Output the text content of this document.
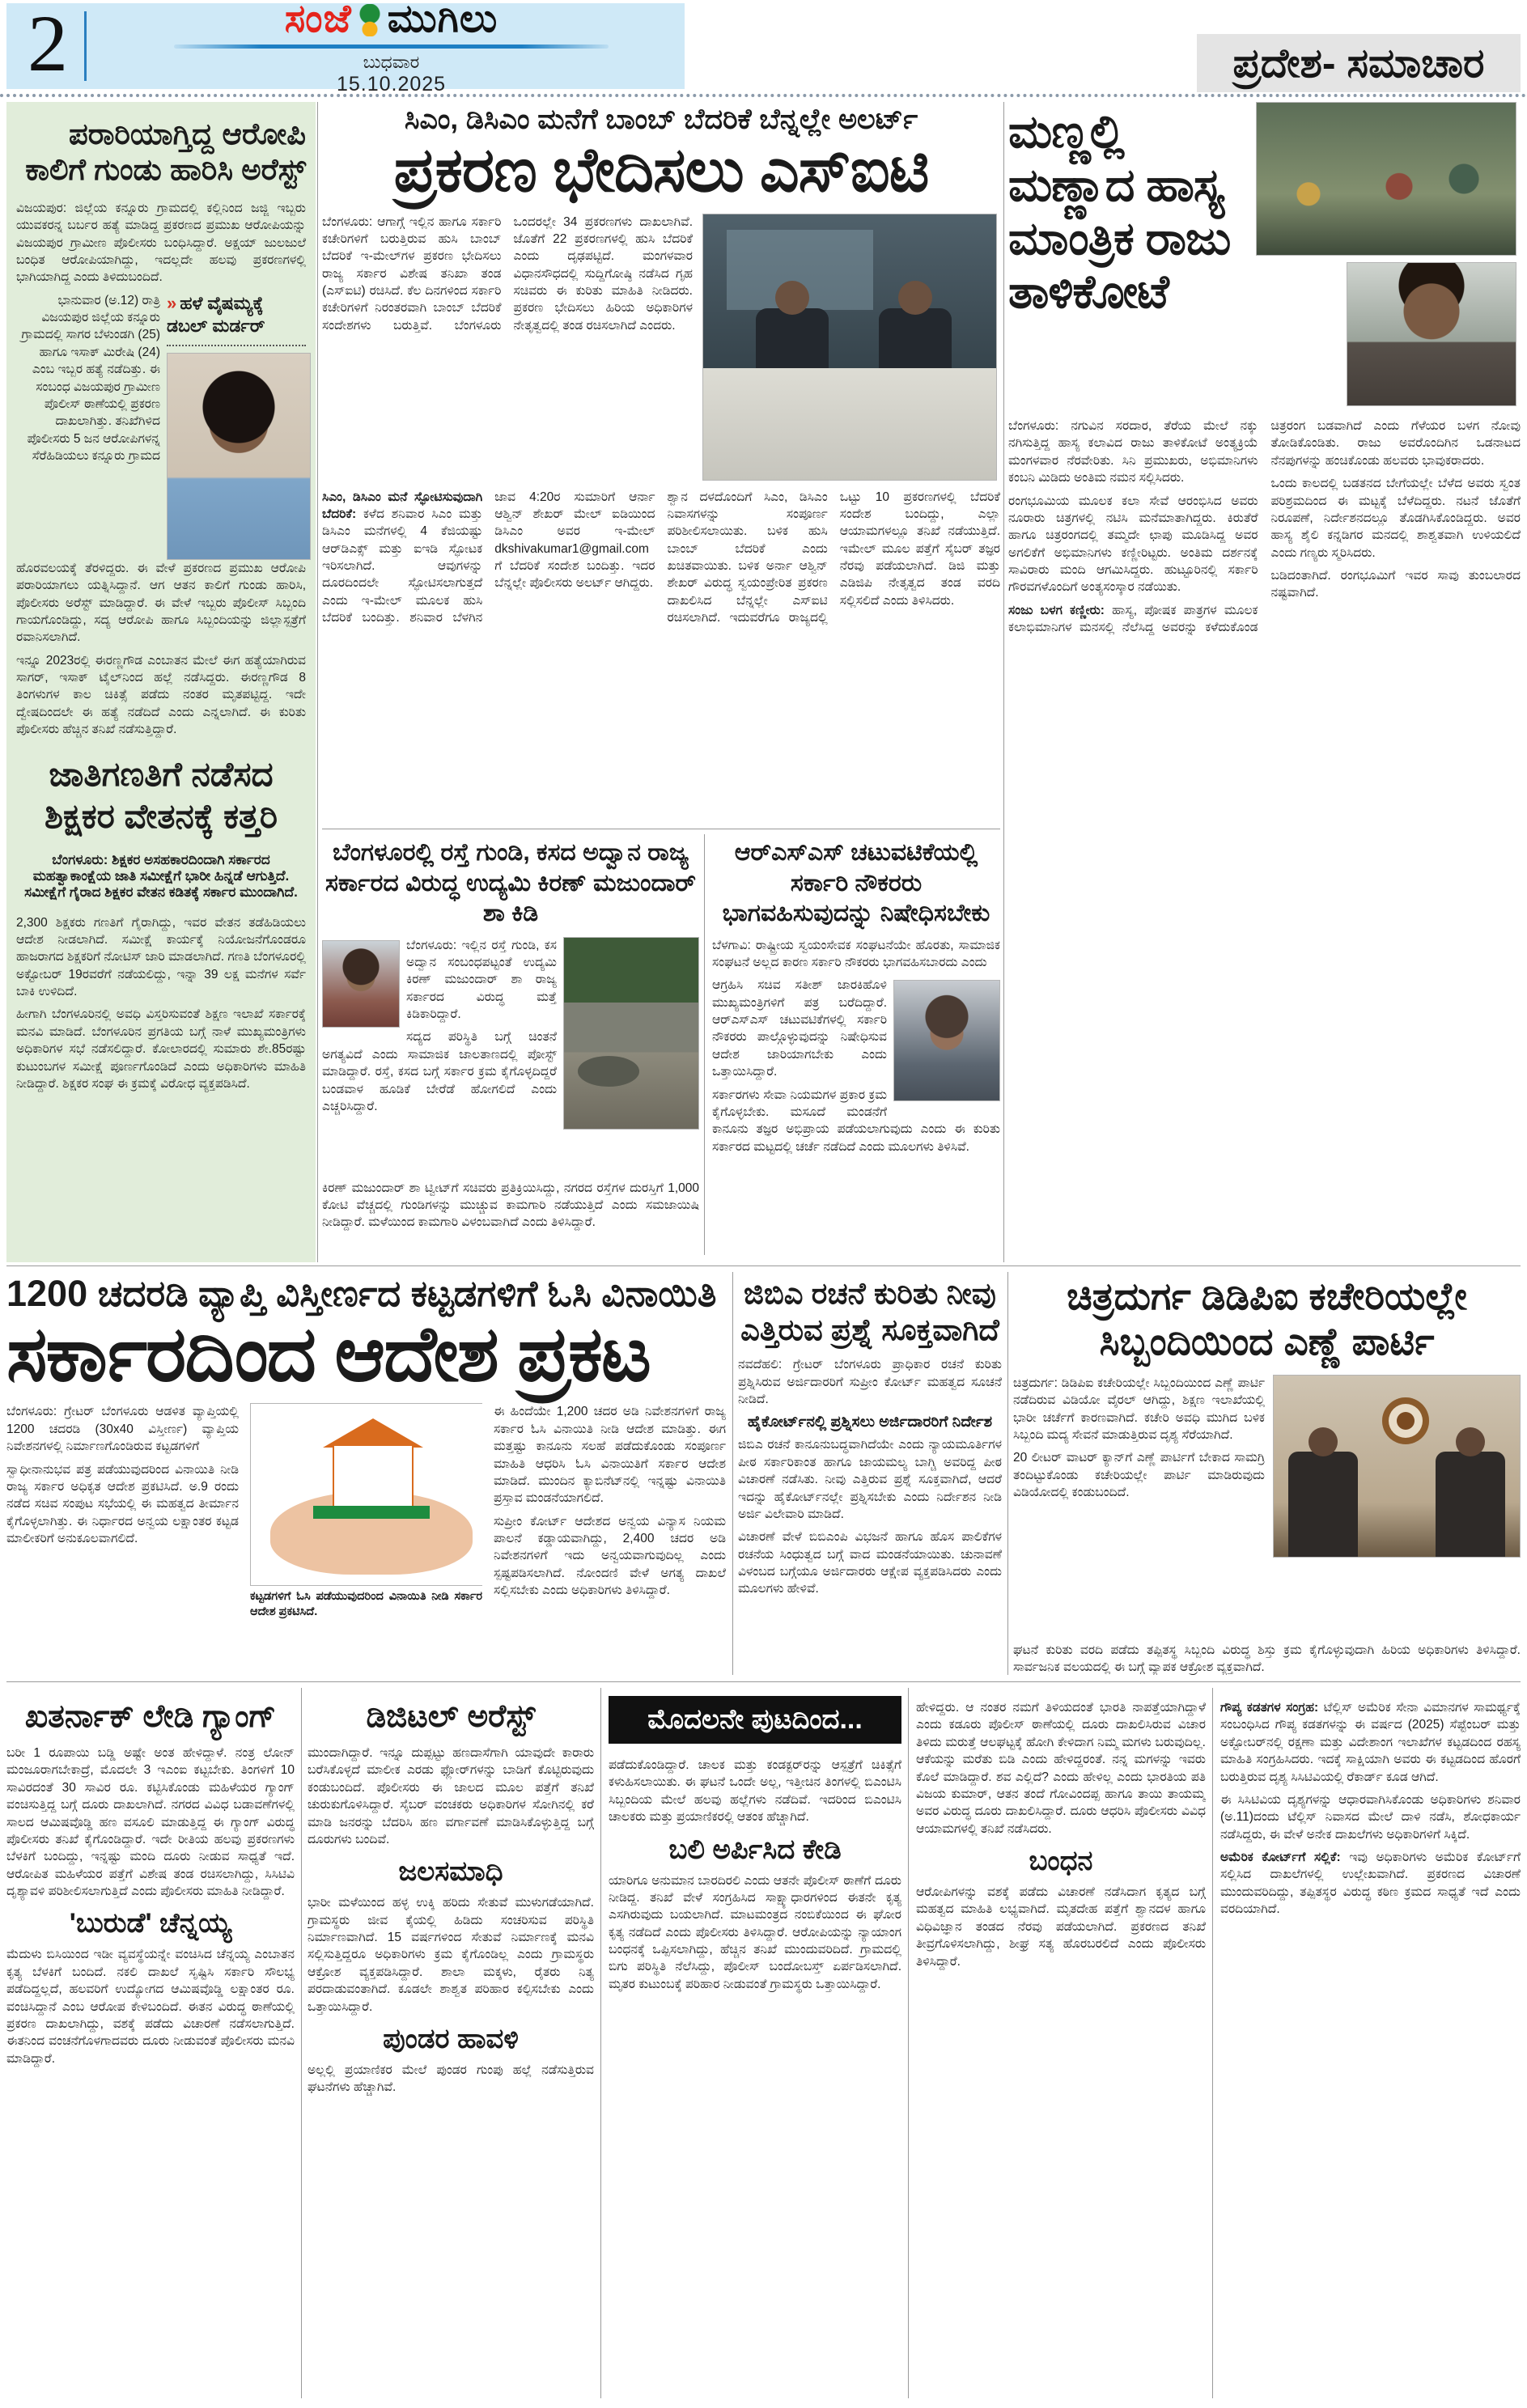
2	ಸಂಜೆ ಮುಗಿಲು
ಬುಧವಾರ
15.10.2025	ಪ್ರದೇಶ- ಸಮಾಚಾರ
ಪರಾರಿಯಾಗ್ತಿದ್ದ ಆರೋಪಿ ಕಾಲಿಗೆ ಗುಂಡು ಹಾರಿಸಿ ಅರೆಸ್ಟ್

ವಿಜಯಪುರ: ಜಿಲ್ಲೆಯ ಕನ್ನೂರು ಗ್ರಾಮದಲ್ಲಿ ಕಲ್ಲಿನಿಂದ ಜಜ್ಜಿ ಇಬ್ಬರು ಯುವಕರನ್ನ ಬರ್ಬರ ಹತ್ಯೆ ಮಾಡಿದ್ದ ಪ್ರಕರಣದ ಪ್ರಮುಖ ಆರೋಪಿಯನ್ನು ವಿಜಯಪುರ ಗ್ರಾಮೀಣ ಪೊಲೀಸರು ಬಂಧಿಸಿದ್ದಾರೆ. ಅಕ್ಷಯ್ ಜುಲಜುಲೆ ಬಂಧಿತ ಆರೋಪಿಯಾಗಿದ್ದು, ಇದಲ್ಲದೇ ಹಲವು ಪ್ರಕರಣಗಳಲ್ಲಿ ಭಾಗಿಯಾಗಿದ್ದ ಎಂದು ತಿಳಿದುಬಂದಿದೆ.

ಭಾನುವಾರ (ಅ.12) ರಾತ್ರಿ ವಿಜಯಪುರ ಜಿಲ್ಲೆಯ ಕನ್ನೂರು ಗ್ರಾಮದಲ್ಲಿ ಸಾಗರ ಬೆಳುಂಡಗಿ (25) ಹಾಗೂ ಇಸಾಕ್ ಮಿರೇಷಿ (24) ಎಂಬ ಇಬ್ಬರ ಹತ್ಯೆ ನಡೆದಿತ್ತು. ಈ ಸಂಬಂಧ ವಿಜಯಪುರ ಗ್ರಾಮೀಣ ಪೊಲೀಸ್ ಠಾಣೆಯಲ್ಲಿ ಪ್ರಕರಣ ದಾಖಲಾಗಿತ್ತು. ತನಿಖೆಗಿಳಿದ ಪೊಲೀಸರು 5 ಜನ ಆರೋಪಿಗಳನ್ನ ಸೆರೆಹಿಡಿಯಲು ಕನ್ನೂರು ಗ್ರಾಮದ

» ಹಳೆ ವೈಷಮ್ಯಕ್ಕೆ ಡಬಲ್ ಮರ್ಡರ್

ಹೊರವಲಯಕ್ಕೆ ತೆರಳಿದ್ದರು. ಈ ವೇಳೆ ಪ್ರಕರಣದ ಪ್ರಮುಖ ಆರೋಪಿ ಪರಾರಿಯಾಗಲು ಯತ್ನಿಸಿದ್ದಾನೆ. ಆಗ ಆತನ ಕಾಲಿಗೆ ಗುಂಡು ಹಾರಿಸಿ, ಪೊಲೀಸರು ಅರೆಸ್ಟ್ ಮಾಡಿದ್ದಾರೆ. ಈ ವೇಳೆ ಇಬ್ಬರು ಪೊಲೀಸ್ ಸಿಬ್ಬಂದಿ ಗಾಯಗೊಂಡಿದ್ದು, ಸದ್ಯ ಆರೋಪಿ ಹಾಗೂ ಸಿಬ್ಬಂದಿಯನ್ನು ಜಿಲ್ಲಾಸ್ಪತ್ರೆಗೆ ರವಾನಿಸಲಾಗಿದೆ.

ಇನ್ನೂ 2023ರಲ್ಲಿ ಈರಣ್ಣಗೌಡ ಎಂಬಾತನ ಮೇಲೆ ಈಗ ಹತ್ಯೆಯಾಗಿರುವ ಸಾಗರ್, ಇಸಾಕ್ ಟೈಲ್‌ನಿಂದ ಹಲ್ಲೆ ನಡೆಸಿದ್ದರು. ಈರಣ್ಣಗೌಡ 8 ತಿಂಗಳುಗಳ ಕಾಲ ಚಿಕಿತ್ಸೆ ಪಡೆದು ನಂತರ ಮೃತಪಟ್ಟಿದ್ದ. ಇದೇ ದ್ವೇಷದಿಂದಲೇ ಈ ಹತ್ಯೆ ನಡೆದಿದೆ ಎಂದು ಎನ್ನಲಾಗಿದೆ. ಈ ಕುರಿತು ಪೊಲೀಸರು ಹೆಚ್ಚಿನ ತನಿಖೆ ನಡೆಸುತ್ತಿದ್ದಾರೆ.

ಜಾತಿಗಣತಿಗೆ ನಡೆಸದ ಶಿಕ್ಷಕರ ವೇತನಕ್ಕೆ ಕತ್ತರಿ

ಬೆಂಗಳೂರು: ಶಿಕ್ಷಕರ ಅಸಹಕಾರದಿಂದಾಗಿ ಸರ್ಕಾರದ ಮಹತ್ವಾಕಾಂಕ್ಷೆಯ ಜಾತಿ ಸಮೀಕ್ಷೆಗೆ ಭಾರೀ ಹಿನ್ನಡೆ ಆಗುತ್ತಿದೆ. ಸಮೀಕ್ಷೆಗೆ ಗೈರಾದ ಶಿಕ್ಷಕರ ವೇತನ ಕಡಿತಕ್ಕೆ ಸರ್ಕಾರ ಮುಂದಾಗಿದೆ.

2,300 ಶಿಕ್ಷಕರು ಗಣತಿಗೆ ಗೈರಾಗಿದ್ದು, ಇವರ ವೇತನ ತಡೆಹಿಡಿಯಲು ಆದೇಶ ನೀಡಲಾಗಿದೆ. ಸಮೀಕ್ಷೆ ಕಾರ್ಯಕ್ಕೆ ನಿಯೋಜನೆಗೊಂಡರೂ ಹಾಜರಾಗದ ಶಿಕ್ಷಕರಿಗೆ ನೋಟಿಸ್ ಜಾರಿ ಮಾಡಲಾಗಿದೆ. ಗಣತಿ ಬೆಂಗಳೂರಲ್ಲಿ ಅಕ್ಟೋಬರ್ 19ರವರೆಗೆ ನಡೆಯಲಿದ್ದು, ಇನ್ನಾ 39 ಲಕ್ಷ ಮನೆಗಳ ಸರ್ವೆ ಬಾಕಿ ಉಳಿದಿದೆ.

ಹೀಗಾಗಿ ಬೆಂಗಳೂರಿನಲ್ಲಿ ಅವಧಿ ವಿಸ್ತರಿಸುವಂತೆ ಶಿಕ್ಷಣ ಇಲಾಖೆ ಸರ್ಕಾರಕ್ಕೆ ಮನವಿ ಮಾಡಿದೆ. ಬೆಂಗಳೂರಿನ ಪ್ರಗತಿಯ ಬಗ್ಗೆ ನಾಳೆ ಮುಖ್ಯಮಂತ್ರಿಗಳು ಅಧಿಕಾರಿಗಳ ಸಭೆ ನಡೆಸಲಿದ್ದಾರೆ. ಕೋಲಾರದಲ್ಲಿ ಸುಮಾರು ಶೇ.85ರಷ್ಟು ಕುಟುಂಬಗಳ ಸಮೀಕ್ಷೆ ಪೂರ್ಣಗೊಂಡಿದೆ ಎಂದು ಅಧಿಕಾರಿಗಳು ಮಾಹಿತಿ ನೀಡಿದ್ದಾರೆ. ಶಿಕ್ಷಕರ ಸಂಘ ಈ ಕ್ರಮಕ್ಕೆ ವಿರೋಧ ವ್ಯಕ್ತಪಡಿಸಿದೆ.

ಸಿಎಂ, ಡಿಸಿಎಂ ಮನೆಗೆ ಬಾಂಬ್ ಬೆದರಿಕೆ ಬೆನ್ನಲ್ಲೇ ಅಲರ್ಟ್
ಪ್ರಕರಣ ಭೇದಿಸಲು ಎಸ್‌ಐಟಿ

ಬೆಂಗಳೂರು: ಆಗಾಗ್ಗೆ ಇಲ್ಲಿನ ಹಾಗೂ ಸರ್ಕಾರಿ ಕಚೇರಿಗಳಿಗೆ ಬರುತ್ತಿರುವ ಹುಸಿ ಬಾಂಬ್ ಬೆದರಿಕೆ ಇ-ಮೇಲ್‌ಗಳ ಪ್ರಕರಣ ಭೇದಿಸಲು ರಾಜ್ಯ ಸರ್ಕಾರ ವಿಶೇಷ ತನಿಖಾ ತಂಡ (ಎಸ್‌ಐಟಿ) ರಚಿಸಿದೆ. ಕೆಲ ದಿನಗಳಿಂದ ಸರ್ಕಾರಿ ಕಚೇರಿಗಳಿಗೆ ನಿರಂತರವಾಗಿ ಬಾಂಬ್ ಬೆದರಿಕೆ ಸಂದೇಶಗಳು ಬರುತ್ತಿವೆ. ಬೆಂಗಳೂರು ಒಂದರಲ್ಲೇ 34 ಪ್ರಕರಣಗಳು ದಾಖಲಾಗಿವೆ. ಜೊತೆಗೆ 22 ಪ್ರಕರಣಗಳಲ್ಲಿ ಹುಸಿ ಬೆದರಿಕೆ ಎಂದು ದೃಢಪಟ್ಟಿದೆ. ಮಂಗಳವಾರ ವಿಧಾನಸೌಧದಲ್ಲಿ ಸುದ್ದಿಗೋಷ್ಠಿ ನಡೆಸಿದ ಗೃಹ ಸಚಿವರು ಈ ಕುರಿತು ಮಾಹಿತಿ ನೀಡಿದರು. ಪ್ರಕರಣ ಭೇದಿಸಲು ಹಿರಿಯ ಅಧಿಕಾರಿಗಳ ನೇತೃತ್ವದಲ್ಲಿ ತಂಡ ರಚಿಸಲಾಗಿದೆ ಎಂದರು.

ಸಿಎಂ, ಡಿಸಿಎಂ ಮನೆ ಸ್ಫೋಟಿಸುವುದಾಗಿ ಬೆದರಿಕೆ: ಕಳೆದ ಶನಿವಾರ ಸಿಎಂ ಮತ್ತು ಡಿಸಿಎಂ ಮನೆಗಳಲ್ಲಿ 4 ಕೆಜಿಯಷ್ಟು ಆರ್‌ಡಿಎಕ್ಸ್ ಮತ್ತು ಐಇಡಿ ಸ್ಫೋಟಕ ಇರಿಸಲಾಗಿದೆ. ಆವುಗಳನ್ನು ದೂರದಿಂದಲೇ ಸ್ಫೋಟಿಸಲಾಗುತ್ತದೆ ಎಂದು ಇ-ಮೇಲ್ ಮೂಲಕ ಹುಸಿ ಬೆದರಿಕೆ ಬಂದಿತ್ತು. ಶನಿವಾರ ಬೆಳಗಿನ ಜಾವ 4:20ರ ಸುಮಾರಿಗೆ ಆರ್ನಾ ಆಶ್ವಿನ್ ಶೇಖರ್ ಮೇಲ್ ಐಡಿಯಿಂದ ಡಿಸಿಎಂ ಅವರ ಇ-ಮೇಲ್ dkshivakumar1@gmail.com ಗೆ ಬೆದರಿಕೆ ಸಂದೇಶ ಬಂದಿತ್ತು. ಇದರ ಬೆನ್ನಲ್ಲೇ ಪೊಲೀಸರು ಅಲರ್ಟ್ ಆಗಿದ್ದರು.

ಶ್ವಾನ ದಳದೊಂದಿಗೆ ಸಿಎಂ, ಡಿಸಿಎಂ ನಿವಾಸಗಳನ್ನು ಸಂಪೂರ್ಣ ಪರಿಶೀಲಿಸಲಾಯಿತು. ಬಳಿಕ ಹುಸಿ ಬಾಂಬ್ ಬೆದರಿಕೆ ಎಂದು ಖಚಿತವಾಯಿತು. ಬಳಿಕ ಅರ್ನಾ ಆಶ್ವಿನ್ ಶೇಖರ್ ವಿರುದ್ಧ ಸ್ವಯಂಪ್ರೇರಿತ ಪ್ರಕರಣ ದಾಖಲಿಸಿದ ಬೆನ್ನಲ್ಲೇ ಎಸ್‌ಐಟಿ ರಚಿಸಲಾಗಿದೆ. ಇದುವರೆಗೂ ರಾಜ್ಯದಲ್ಲಿ ಒಟ್ಟು 10 ಪ್ರಕರಣಗಳಲ್ಲಿ ಬೆದರಿಕೆ ಸಂದೇಶ ಬಂದಿದ್ದು, ಎಲ್ಲಾ ಆಯಾಮಗಳಲ್ಲೂ ತನಿಖೆ ನಡೆಯುತ್ತಿದೆ. ಇಮೇಲ್ ಮೂಲ ಪತ್ತೆಗೆ ಸೈಬರ್ ತಜ್ಞರ ನೆರವು ಪಡೆಯಲಾಗಿದೆ. ಡಿಜಿ ಮತ್ತು ಎಡಿಜಿಪಿ ನೇತೃತ್ವದ ತಂಡ ವರದಿ ಸಲ್ಲಿಸಲಿದೆ ಎಂದು ತಿಳಿಸಿದರು.

ಬೆಂಗಳೂರಲ್ಲಿ ರಸ್ತೆ ಗುಂಡಿ, ಕಸದ ಅದ್ವಾನ ರಾಜ್ಯ ಸರ್ಕಾರದ ವಿರುದ್ಧ ಉದ್ಯಮಿ ಕಿರಣ್ ಮಜುಂದಾರ್ ಶಾ ಕಿಡಿ

ಬೆಂಗಳೂರು: ಇಲ್ಲಿನ ರಸ್ತೆ ಗುಂಡಿ, ಕಸ ಅದ್ವಾನ ಸಂಬಂಧಪಟ್ಟಂತೆ ಉದ್ಯಮಿ ಕಿರಣ್ ಮಜುಂದಾರ್ ಶಾ ರಾಜ್ಯ ಸರ್ಕಾರದ ವಿರುದ್ಧ ಮತ್ತೆ ಕಿಡಿಕಾರಿದ್ದಾರೆ.

ಸದ್ಯದ ಪರಿಸ್ಥಿತಿ ಬಗ್ಗೆ ಚಿಂತನೆ ಅಗತ್ಯವಿದೆ ಎಂದು ಸಾಮಾಜಿಕ ಜಾಲತಾಣದಲ್ಲಿ ಪೋಸ್ಟ್ ಮಾಡಿದ್ದಾರೆ. ರಸ್ತೆ, ಕಸದ ಬಗ್ಗೆ ಸರ್ಕಾರ ಕ್ರಮ ಕೈಗೊಳ್ಳದಿದ್ದರೆ ಬಂಡವಾಳ ಹೂಡಿಕೆ ಬೇರೆಡೆ ಹೋಗಲಿದೆ ಎಂದು ಎಚ್ಚರಿಸಿದ್ದಾರೆ.

ಕಿರಣ್ ಮಜುಂದಾರ್ ಶಾ ಟ್ವೀಟ್‌ಗೆ ಸಚಿವರು ಪ್ರತಿಕ್ರಿಯಿಸಿದ್ದು, ನಗರದ ರಸ್ತೆಗಳ ದುರಸ್ತಿಗೆ 1,000 ಕೋಟಿ ವೆಚ್ಚದಲ್ಲಿ ಗುಂಡಿಗಳನ್ನು ಮುಚ್ಚುವ ಕಾಮಗಾರಿ ನಡೆಯುತ್ತಿದೆ ಎಂದು ಸಮಜಾಯಿಷಿ ನೀಡಿದ್ದಾರೆ. ಮಳೆಯಿಂದ ಕಾಮಗಾರಿ ವಿಳಂಬವಾಗಿದೆ ಎಂದು ತಿಳಿಸಿದ್ದಾರೆ.

ಆರ್‌ಎಸ್‌ಎಸ್ ಚಟುವಟಿಕೆಯಲ್ಲಿ ಸರ್ಕಾರಿ ನೌಕರರು ಭಾಗವಹಿಸುವುದನ್ನು ನಿಷೇಧಿಸಬೇಕು

ಬೆಳಗಾವಿ: ರಾಷ್ಟ್ರೀಯ ಸ್ವಯಂಸೇವಕ ಸಂಘಟನೆಯೇ ಹೊರತು, ಸಾಮಾಜಿಕ ಸಂಘಟನೆ ಅಲ್ಲದ ಕಾರಣ ಸರ್ಕಾರಿ ನೌಕರರು ಭಾಗವಹಿಸಬಾರದು ಎಂದು

ಆಗ್ರಹಿಸಿ ಸಚಿವ ಸತೀಶ್ ಜಾರಕಿಹೊಳಿ ಮುಖ್ಯಮಂತ್ರಿಗಳಿಗೆ ಪತ್ರ ಬರೆದಿದ್ದಾರೆ. ಆರ್‌ಎಸ್‌ಎಸ್ ಚಟುವಟಿಕೆಗಳಲ್ಲಿ ಸರ್ಕಾರಿ ನೌಕರರು ಪಾಲ್ಗೊಳ್ಳುವುದನ್ನು ನಿಷೇಧಿಸುವ ಆದೇಶ ಜಾರಿಯಾಗಬೇಕು ಎಂದು ಒತ್ತಾಯಿಸಿದ್ದಾರೆ.

ಸರ್ಕಾರಗಳು ಸೇವಾ ನಿಯಮಗಳ ಪ್ರಕಾರ ಕ್ರಮ ಕೈಗೊಳ್ಳಬೇಕು. ಮಸೂದೆ ಮಂಡನೆಗೆ ಕಾನೂನು ತಜ್ಞರ ಅಭಿಪ್ರಾಯ ಪಡೆಯಲಾಗುವುದು ಎಂದು ಈ ಕುರಿತು ಸರ್ಕಾರದ ಮಟ್ಟದಲ್ಲಿ ಚರ್ಚೆ ನಡೆದಿದೆ ಎಂದು ಮೂಲಗಳು ತಿಳಿಸಿವೆ.

ಮಣ್ಣಲ್ಲಿ ಮಣ್ಣಾದ ಹಾಸ್ಯ ಮಾಂತ್ರಿಕ ರಾಜು ತಾಳಿಕೋಟೆ

ಬೆಂಗಳೂರು: ನಗುವಿನ ಸರದಾರ, ತೆರೆಯ ಮೇಲೆ ನಕ್ಕು ನಗಿಸುತ್ತಿದ್ದ ಹಾಸ್ಯ ಕಲಾವಿದ ರಾಜು ತಾಳಿಕೋಟೆ ಅಂತ್ಯಕ್ರಿಯೆ ಮಂಗಳವಾರ ನೆರವೇರಿತು. ಸಿನಿ ಪ್ರಮುಖರು, ಅಭಿಮಾನಿಗಳು ಕಂಬನಿ ಮಿಡಿದು ಅಂತಿಮ ನಮನ ಸಲ್ಲಿಸಿದರು.

ರಂಗಭೂಮಿಯ ಮೂಲಕ ಕಲಾ ಸೇವೆ ಆರಂಭಿಸಿದ ಅವರು ನೂರಾರು ಚಿತ್ರಗಳಲ್ಲಿ ನಟಿಸಿ ಮನೆಮಾತಾಗಿದ್ದರು. ಕಿರುತೆರೆ ಹಾಗೂ ಚಿತ್ರರಂಗದಲ್ಲಿ ತಮ್ಮದೇ ಛಾಪು ಮೂಡಿಸಿದ್ದ ಅವರ ಅಗಲಿಕೆಗೆ ಅಭಿಮಾನಿಗಳು ಕಣ್ಣೀರಿಟ್ಟರು. ಅಂತಿಮ ದರ್ಶನಕ್ಕೆ ಸಾವಿರಾರು ಮಂದಿ ಆಗಮಿಸಿದ್ದರು. ಹುಟ್ಟೂರಿನಲ್ಲಿ ಸರ್ಕಾರಿ ಗೌರವಗಳೊಂದಿಗೆ ಅಂತ್ಯಸಂಸ್ಕಾರ ನಡೆಯಿತು.

ಸಂಜು ಬಳಗ ಕಣ್ಣೀರು: ಹಾಸ್ಯ, ಪೋಷಕ ಪಾತ್ರಗಳ ಮೂಲಕ ಕಲಾಭಿಮಾನಿಗಳ ಮನಸಲ್ಲಿ ನೆಲೆಸಿದ್ದ ಅವರನ್ನು ಕಳೆದುಕೊಂಡ ಚಿತ್ರರಂಗ ಬಡವಾಗಿದೆ ಎಂದು ಗೆಳೆಯರ ಬಳಗ ನೋವು ತೋಡಿಕೊಂಡಿತು. ರಾಜು ಅವರೊಂದಿಗಿನ ಒಡನಾಟದ ನೆನಪುಗಳನ್ನು ಹಂಚಿಕೊಂಡು ಹಲವರು ಭಾವುಕರಾದರು.

ಒಂದು ಕಾಲದಲ್ಲಿ ಬಡತನದ ಬೇಗೆಯಲ್ಲೇ ಬೆಳೆದ ಅವರು ಸ್ವಂತ ಪರಿಶ್ರಮದಿಂದ ಈ ಮಟ್ಟಕ್ಕೆ ಬೆಳೆದಿದ್ದರು. ನಟನೆ ಜೊತೆಗೆ ನಿರೂಪಣೆ, ನಿರ್ದೇಶನದಲ್ಲೂ ತೊಡಗಿಸಿಕೊಂಡಿದ್ದರು. ಅವರ ಹಾಸ್ಯ ಶೈಲಿ ಕನ್ನಡಿಗರ ಮನದಲ್ಲಿ ಶಾಶ್ವತವಾಗಿ ಉಳಿಯಲಿದೆ ಎಂದು ಗಣ್ಯರು ಸ್ಮರಿಸಿದರು.

ಬಡಿದಂತಾಗಿದೆ. ರಂಗಭೂಮಿಗೆ ಇವರ ಸಾವು ತುಂಬಲಾರದ ನಷ್ಟವಾಗಿದೆ.

1200 ಚದರಡಿ ವ್ಯಾಪ್ತಿ ವಿಸ್ತೀರ್ಣದ ಕಟ್ಟಡಗಳಿಗೆ ಓಸಿ ವಿನಾಯಿತಿ
ಸರ್ಕಾರದಿಂದ ಆದೇಶ ಪ್ರಕಟ

ಬೆಂಗಳೂರು: ಗ್ರೇಟರ್ ಬೆಂಗಳೂರು ಆಡಳಿತ ವ್ಯಾಪ್ತಿಯಲ್ಲಿ 1200 ಚದರಡಿ (30x40 ವಿಸ್ತೀರ್ಣ) ವ್ಯಾಪ್ತಿಯ ನಿವೇಶನಗಳಲ್ಲಿ ನಿರ್ಮಾಣಗೊಂಡಿರುವ ಕಟ್ಟಡಗಳಿಗೆ

ಸ್ವಾಧೀನಾನುಭವ ಪತ್ರ ಪಡೆಯುವುದರಿಂದ ವಿನಾಯಿತಿ ನೀಡಿ ರಾಜ್ಯ ಸರ್ಕಾರ ಅಧಿಕೃತ ಆದೇಶ ಪ್ರಕಟಿಸಿದೆ. ಅ.9 ರಂದು ನಡೆದ ಸಚಿವ ಸಂಪುಟ ಸಭೆಯಲ್ಲಿ ಈ ಮಹತ್ವದ ತೀರ್ಮಾನ ಕೈಗೊಳ್ಳಲಾಗಿತ್ತು. ಈ ನಿರ್ಧಾರದ ಅನ್ವಯ ಲಕ್ಷಾಂತರ ಕಟ್ಟಡ ಮಾಲೀಕರಿಗೆ ಅನುಕೂಲವಾಗಲಿದೆ.

ಕಟ್ಟಡಗಳಿಗೆ ಓಸಿ ಪಡೆಯುವುದರಿಂದ ವಿನಾಯಿತಿ ನೀಡಿ ಸರ್ಕಾರ ಆದೇಶ ಪ್ರಕಟಿಸಿದೆ.

ಈ ಹಿಂದೆಯೇ 1,200 ಚದರ ಅಡಿ ನಿವೇಶನಗಳಿಗೆ ರಾಜ್ಯ ಸರ್ಕಾರ ಓಸಿ ವಿನಾಯಿತಿ ನೀಡಿ ಆದೇಶ ಮಾಡಿತ್ತು. ಈಗ ಮತ್ತಷ್ಟು ಕಾನೂನು ಸಲಹೆ ಪಡೆದುಕೊಂಡು ಸಂಪೂರ್ಣ ಮಾಹಿತಿ ಆಧರಿಸಿ ಓಸಿ ವಿನಾಯಿತಿಗೆ ಸರ್ಕಾರ ಆದೇಶ ಮಾಡಿದೆ. ಮುಂದಿನ ಕ್ಯಾಬಿನೆಟ್‌ನಲ್ಲಿ ಇನ್ನಷ್ಟು ವಿನಾಯಿತಿ ಪ್ರಸ್ತಾವ ಮಂಡನೆಯಾಗಲಿದೆ.

ಸುಪ್ರೀಂ ಕೋರ್ಟ್ ಆದೇಶದ ಅನ್ವಯ ವಿನ್ಯಾಸ ನಿಯಮ ಪಾಲನೆ ಕಡ್ಡಾಯವಾಗಿದ್ದು, 2,400 ಚದರ ಅಡಿ ನಿವೇಶನಗಳಿಗೆ ಇದು ಅನ್ವಯವಾಗುವುದಿಲ್ಲ ಎಂದು ಸ್ಪಷ್ಟಪಡಿಸಲಾಗಿದೆ. ನೋಂದಣಿ ವೇಳೆ ಅಗತ್ಯ ದಾಖಲೆ ಸಲ್ಲಿಸಬೇಕು ಎಂದು ಅಧಿಕಾರಿಗಳು ತಿಳಿಸಿದ್ದಾರೆ.

ಜಿಬಿಎ ರಚನೆ ಕುರಿತು ನೀವು ಎತ್ತಿರುವ ಪ್ರಶ್ನೆ ಸೂಕ್ತವಾಗಿದೆ

ನವದೆಹಲಿ: ಗ್ರೇಟರ್ ಬೆಂಗಳೂರು ಪ್ರಾಧಿಕಾರ ರಚನೆ ಕುರಿತು ಪ್ರಶ್ನಿಸಿರುವ ಅರ್ಜಿದಾರರಿಗೆ ಸುಪ್ರೀಂ ಕೋರ್ಟ್ ಮಹತ್ವದ ಸೂಚನೆ ನೀಡಿದೆ.

ಹೈಕೋರ್ಟ್‌ನಲ್ಲಿ ಪ್ರಶ್ನಿಸಲು ಅರ್ಜಿದಾರರಿಗೆ ನಿರ್ದೇಶ

ಜಿಬಿಎ ರಚನೆ ಕಾನೂನುಬದ್ಧವಾಗಿದೆಯೇ ಎಂದು ನ್ಯಾಯಮೂರ್ತಿಗಳ ಪೀಠ ಸರ್ಕಾರಿಕಾಂತ ಹಾಗೂ ಜಾಯಮಲ್ಯ ಬಾಗ್ಚಿ ಅವರಿದ್ದ ಪೀಠ ವಿಚಾರಣೆ ನಡೆಸಿತು. ನೀವು ಎತ್ತಿರುವ ಪ್ರಶ್ನೆ ಸೂಕ್ತವಾಗಿದೆ, ಆದರೆ ಇದನ್ನು ಹೈಕೋರ್ಟ್‌ನಲ್ಲೇ ಪ್ರಶ್ನಿಸಬೇಕು ಎಂದು ನಿರ್ದೇಶನ ನೀಡಿ ಅರ್ಜಿ ವಿಲೇವಾರಿ ಮಾಡಿದೆ.

ವಿಚಾರಣೆ ವೇಳೆ ಬಿಬಿಎಂಪಿ ವಿಭಜನೆ ಹಾಗೂ ಹೊಸ ಪಾಲಿಕೆಗಳ ರಚನೆಯ ಸಿಂಧುತ್ವದ ಬಗ್ಗೆ ವಾದ ಮಂಡನೆಯಾಯಿತು. ಚುನಾವಣೆ ವಿಳಂಬದ ಬಗ್ಗೆಯೂ ಅರ್ಜಿದಾರರು ಆಕ್ಷೇಪ ವ್ಯಕ್ತಪಡಿಸಿದರು ಎಂದು ಮೂಲಗಳು ಹೇಳಿವೆ.

ಚಿತ್ರದುರ್ಗ ಡಿಡಿಪಿಐ ಕಚೇರಿಯಲ್ಲೇ ಸಿಬ್ಬಂದಿಯಿಂದ ಎಣ್ಣೆ ಪಾರ್ಟಿ

ಚಿತ್ರದುರ್ಗ: ಡಿಡಿಪಿಐ ಕಚೇರಿಯಲ್ಲೇ ಸಿಬ್ಬಂದಿಯಿಂದ ಎಣ್ಣೆ ಪಾರ್ಟಿ ನಡೆದಿರುವ ವಿಡಿಯೋ ವೈರಲ್ ಆಗಿದ್ದು, ಶಿಕ್ಷಣ ಇಲಾಖೆಯಲ್ಲಿ ಭಾರೀ ಚರ್ಚೆಗೆ ಕಾರಣವಾಗಿದೆ. ಕಚೇರಿ ಅವಧಿ ಮುಗಿದ ಬಳಿಕ ಸಿಬ್ಬಂದಿ ಮದ್ಯ ಸೇವನೆ ಮಾಡುತ್ತಿರುವ ದೃಶ್ಯ ಸೆರೆಯಾಗಿದೆ.

20 ಲೀಟರ್ ವಾಟರ್ ಕ್ಯಾನ್‌ಗೆ ಎಣ್ಣೆ ಪಾರ್ಟಿಗೆ ಬೇಕಾದ ಸಾಮಗ್ರಿ ತಂದಿಟ್ಟುಕೊಂಡು ಕಚೇರಿಯಲ್ಲೇ ಪಾರ್ಟಿ ಮಾಡಿರುವುದು ವಿಡಿಯೋದಲ್ಲಿ ಕಂಡುಬಂದಿದೆ.

ಘಟನೆ ಕುರಿತು ವರದಿ ಪಡೆದು ತಪ್ಪಿತಸ್ಥ ಸಿಬ್ಬಂದಿ ವಿರುದ್ಧ ಶಿಸ್ತು ಕ್ರಮ ಕೈಗೊಳ್ಳುವುದಾಗಿ ಹಿರಿಯ ಅಧಿಕಾರಿಗಳು ತಿಳಿಸಿದ್ದಾರೆ. ಸಾರ್ವಜನಿಕ ವಲಯದಲ್ಲಿ ಈ ಬಗ್ಗೆ ವ್ಯಾಪಕ ಆಕ್ರೋಶ ವ್ಯಕ್ತವಾಗಿದೆ.

ಖತರ್ನಾಕ್ ಲೇಡಿ ಗ್ಯಾಂಗ್

ಬರೀ 1 ರೂಪಾಯಿ ಬಡ್ಡಿ ಅಷ್ಟೇ ಅಂತ ಹೇಳಿದ್ದಾಳೆ. ನಂತ್ರ ಲೋನ್ ಮಂಜೂರಾಗಬೇಕಾದ್ರೆ, ಮೊದಲೇ 3 ಇಎಂಐ ಕಟ್ಟಬೇಕು. ತಿಂಗಳಿಗೆ 10 ಸಾವಿರದಂತೆ 30 ಸಾವಿರ ರೂ. ಕಟ್ಟಿಸಿಕೊಂಡು ಮಹಿಳೆಯರ ಗ್ಯಾಂಗ್ ವಂಚಿಸುತ್ತಿದ್ದ ಬಗ್ಗೆ ದೂರು ದಾಖಲಾಗಿದೆ. ನಗರದ ವಿವಿಧ ಬಡಾವಣೆಗಳಲ್ಲಿ ಸಾಲದ ಆಮಿಷವೊಡ್ಡಿ ಹಣ ವಸೂಲಿ ಮಾಡುತ್ತಿದ್ದ ಈ ಗ್ಯಾಂಗ್ ವಿರುದ್ಧ ಪೊಲೀಸರು ತನಿಖೆ ಕೈಗೊಂಡಿದ್ದಾರೆ. ಇದೇ ರೀತಿಯ ಹಲವು ಪ್ರಕರಣಗಳು ಬೆಳಕಿಗೆ ಬಂದಿದ್ದು, ಇನ್ನಷ್ಟು ಮಂದಿ ದೂರು ನೀಡುವ ಸಾಧ್ಯತೆ ಇದೆ. ಆರೋಪಿತ ಮಹಿಳೆಯರ ಪತ್ತೆಗೆ ವಿಶೇಷ ತಂಡ ರಚಿಸಲಾಗಿದ್ದು, ಸಿಸಿಟಿವಿ ದೃಶ್ಯಾವಳಿ ಪರಿಶೀಲಿಸಲಾಗುತ್ತಿದೆ ಎಂದು ಪೊಲೀಸರು ಮಾಹಿತಿ ನೀಡಿದ್ದಾರೆ.

'ಬುರುಡೆ' ಚೆನ್ನಯ್ಯ

ಮೆದುಳು ಬಿಸಿಯಿಂದ ಇಡೀ ವ್ಯವಸ್ಥೆಯನ್ನೇ ವಂಚಿಸಿದ ಚೆನ್ನಯ್ಯ ಎಂಬಾತನ ಕೃತ್ಯ ಬೆಳಕಿಗೆ ಬಂದಿದೆ. ನಕಲಿ ದಾಖಲೆ ಸೃಷ್ಟಿಸಿ ಸರ್ಕಾರಿ ಸೌಲಭ್ಯ ಪಡೆದಿದ್ದಲ್ಲದೆ, ಹಲವರಿಗೆ ಉದ್ಯೋಗದ ಆಮಿಷವೊಡ್ಡಿ ಲಕ್ಷಾಂತರ ರೂ. ವಂಚಿಸಿದ್ದಾನೆ ಎಂಬ ಆರೋಪ ಕೇಳಿಬಂದಿದೆ. ಈತನ ವಿರುದ್ಧ ಠಾಣೆಯಲ್ಲಿ ಪ್ರಕರಣ ದಾಖಲಾಗಿದ್ದು, ವಶಕ್ಕೆ ಪಡೆದು ವಿಚಾರಣೆ ನಡೆಸಲಾಗುತ್ತಿದೆ. ಈತನಿಂದ ವಂಚನೆಗೊಳಗಾದವರು ದೂರು ನೀಡುವಂತೆ ಪೊಲೀಸರು ಮನವಿ ಮಾಡಿದ್ದಾರೆ.

ಡಿಜಿಟಲ್ ಅರೆಸ್ಟ್

ಮುಂದಾಗಿದ್ದಾರೆ. ಇನ್ನೂ ದುಪ್ಪಟ್ಟು ಹಣದಾಸೆಗಾಗಿ ಯಾವುದೇ ಕಾರಾರು ಬರೆಸಿಕೊಳ್ಳದೆ ಮಾಲೀಕ ಎರಡು ಫ್ಲೋರ್‌ಗಳನ್ನು ಬಾಡಿಗೆ ಕೊಟ್ಟಿರುವುದು ಕಂಡುಬಂದಿದೆ. ಪೊಲೀಸರು ಈ ಜಾಲದ ಮೂಲ ಪತ್ತೆಗೆ ತನಿಖೆ ಚುರುಕುಗೊಳಿಸಿದ್ದಾರೆ. ಸೈಬರ್ ವಂಚಕರು ಅಧಿಕಾರಿಗಳ ಸೋಗಿನಲ್ಲಿ ಕರೆ ಮಾಡಿ ಜನರನ್ನು ಬೆದರಿಸಿ ಹಣ ವರ್ಗಾವಣೆ ಮಾಡಿಸಿಕೊಳ್ಳುತ್ತಿದ್ದ ಬಗ್ಗೆ ದೂರುಗಳು ಬಂದಿವೆ.

ಜಲಸಮಾಧಿ

ಭಾರೀ ಮಳೆಯಿಂದ ಹಳ್ಳ ಉಕ್ಕಿ ಹರಿದು ಸೇತುವೆ ಮುಳುಗಡೆಯಾಗಿದೆ. ಗ್ರಾಮಸ್ಥರು ಜೀವ ಕೈಯಲ್ಲಿ ಹಿಡಿದು ಸಂಚರಿಸುವ ಪರಿಸ್ಥಿತಿ ನಿರ್ಮಾಣವಾಗಿದೆ. 15 ವರ್ಷಗಳಿಂದ ಸೇತುವೆ ನಿರ್ಮಾಣಕ್ಕೆ ಮನವಿ ಸಲ್ಲಿಸುತ್ತಿದ್ದರೂ ಅಧಿಕಾರಿಗಳು ಕ್ರಮ ಕೈಗೊಂಡಿಲ್ಲ ಎಂದು ಗ್ರಾಮಸ್ಥರು ಆಕ್ರೋಶ ವ್ಯಕ್ತಪಡಿಸಿದ್ದಾರೆ. ಶಾಲಾ ಮಕ್ಕಳು, ರೈತರು ನಿತ್ಯ ಪರದಾಡುವಂತಾಗಿದೆ. ಕೂಡಲೇ ಶಾಶ್ವತ ಪರಿಹಾರ ಕಲ್ಪಿಸಬೇಕು ಎಂದು ಒತ್ತಾಯಿಸಿದ್ದಾರೆ.

ಪುಂಡರ ಹಾವಳಿ

ಅಲ್ಲಲ್ಲಿ ಪ್ರಯಾಣಿಕರ ಮೇಲೆ ಪುಂಡರ ಗುಂಪು ಹಲ್ಲೆ ನಡೆಸುತ್ತಿರುವ ಘಟನೆಗಳು ಹೆಚ್ಚಾಗಿವೆ.

ಮೊದಲನೇ ಪುಟದಿಂದ...

ಪಡೆದುಕೊಂಡಿದ್ದಾರೆ. ಚಾಲಕ ಮತ್ತು ಕಂಡಕ್ಟರ್‌ರನ್ನು ಆಸ್ಪತ್ರೆಗೆ ಚಿಕಿತ್ಸೆಗೆ ಕಳುಹಿಸಲಾಯಿತು. ಈ ಘಟನೆ ಒಂದೇ ಅಲ್ಲ, ಇತ್ತೀಚಿನ ತಿಂಗಳಲ್ಲಿ ಬಿಎಂಟಿಸಿ ಸಿಬ್ಬಂದಿಯ ಮೇಲೆ ಹಲವು ಹಲ್ಲೆಗಳು ನಡೆದಿವೆ. ಇದರಿಂದ ಬಿಎಂಟಿಸಿ ಚಾಲಕರು ಮತ್ತು ಪ್ರಯಾಣಿಕರಲ್ಲಿ ಆತಂಕ ಹೆಚ್ಚಾಗಿದೆ.

ಬಲಿ ಅರ್ಪಿಸಿದ ಕೇಡಿ

ಯಾರಿಗೂ ಅನುಮಾನ ಬಾರದಿರಲಿ ಎಂದು ಆತನೇ ಪೊಲೀಸ್ ಠಾಣೆಗೆ ದೂರು ನೀಡಿದ್ದ. ತನಿಖೆ ವೇಳೆ ಸಂಗ್ರಹಿಸಿದ ಸಾಕ್ಷ್ಯಾಧಾರಗಳಿಂದ ಈತನೇ ಕೃತ್ಯ ಎಸಗಿರುವುದು ಬಯಲಾಗಿದೆ. ಮಾಟಮಂತ್ರದ ನಂಬಿಕೆಯಿಂದ ಈ ಘೋರ ಕೃತ್ಯ ನಡೆದಿದೆ ಎಂದು ಪೊಲೀಸರು ತಿಳಿಸಿದ್ದಾರೆ. ಆರೋಪಿಯನ್ನು ನ್ಯಾಯಾಂಗ ಬಂಧನಕ್ಕೆ ಒಪ್ಪಿಸಲಾಗಿದ್ದು, ಹೆಚ್ಚಿನ ತನಿಖೆ ಮುಂದುವರಿದಿದೆ. ಗ್ರಾಮದಲ್ಲಿ ಬಿಗು ಪರಿಸ್ಥಿತಿ ನೆಲೆಸಿದ್ದು, ಪೊಲೀಸ್ ಬಂದೋಬಸ್ತ್ ಏರ್ಪಡಿಸಲಾಗಿದೆ. ಮೃತರ ಕುಟುಂಬಕ್ಕೆ ಪರಿಹಾರ ನೀಡುವಂತೆ ಗ್ರಾಮಸ್ಥರು ಒತ್ತಾಯಿಸಿದ್ದಾರೆ.

ಹೇಳಿದ್ದರು. ಆ ನಂತರ ನಮಗೆ ತಿಳಿಯದಂತೆ ಭಾರತಿ ನಾಪತ್ತೆಯಾಗಿದ್ದಾಳೆ ಎಂದು ಕಡೂರು ಪೊಲೀಸ್ ಠಾಣೆಯಲ್ಲಿ ದೂರು ದಾಖಲಿಸಿರುವ ವಿಚಾರ ತಿಳಿದು ಮರುತ್ತೆ ಆಲಘಟ್ಟಕ್ಕೆ ಹೋಗಿ ಕೇಳಿದಾಗ ನಿಮ್ಮ ಮಗಳು ಬರುವುದಿಲ್ಲ. ಆಕೆಯನ್ನು ಮರೆತು ಬಿಡಿ ಎಂದು ಹೇಳಿದ್ದರಂತೆ. ನನ್ನ ಮಗಳನ್ನು ಇವರು ಕೊಲೆ ಮಾಡಿದ್ದಾರೆ. ಶವ ಎಲ್ಲಿದೆ? ಎಂದು ಹೇಳಿಲ್ಲ ಎಂದು ಭಾರತಿಯ ಪತಿ ವಿಜಯ ಕುಮಾರ್, ಆತನ ತಂದೆ ಗೋವಿಂದಪ್ಪ ಹಾಗೂ ತಾಯಿ ತಾಯಮ್ಮ ಅವರ ವಿರುದ್ಧ ದೂರು ದಾಖಲಿಸಿದ್ದಾರೆ. ದೂರು ಆಧರಿಸಿ ಪೊಲೀಸರು ವಿವಿಧ ಆಯಾಮಗಳಲ್ಲಿ ತನಿಖೆ ನಡೆಸಿದರು.

ಬಂಧನ

ಆರೋಪಿಗಳನ್ನು ವಶಕ್ಕೆ ಪಡೆದು ವಿಚಾರಣೆ ನಡೆಸಿದಾಗ ಕೃತ್ಯದ ಬಗ್ಗೆ ಮಹತ್ವದ ಮಾಹಿತಿ ಲಭ್ಯವಾಗಿದೆ. ಮೃತದೇಹ ಪತ್ತೆಗೆ ಶ್ವಾನದಳ ಹಾಗೂ ವಿಧಿವಿಜ್ಞಾನ ತಂಡದ ನೆರವು ಪಡೆಯಲಾಗಿದೆ. ಪ್ರಕರಣದ ತನಿಖೆ ತೀವ್ರಗೊಳಿಸಲಾಗಿದ್ದು, ಶೀಘ್ರ ಸತ್ಯ ಹೊರಬರಲಿದೆ ಎಂದು ಪೊಲೀಸರು ತಿಳಿಸಿದ್ದಾರೆ.

ಗೌಪ್ಯ ಕಡತಗಳ ಸಂಗ್ರಹ: ಟೆಲ್ಲಿಸ್ ಅಮೆರಿಕ ಸೇನಾ ವಿಮಾನಗಳ ಸಾಮರ್ಥ್ಯಕ್ಕೆ ಸಂಬಂಧಿಸಿದ ಗೌಪ್ಯ ಕಡತಗಳನ್ನು ಈ ವರ್ಷದ (2025) ಸೆಪ್ಟೆಂಬರ್ ಮತ್ತು ಅಕ್ಟೋಬರ್‌ನಲ್ಲಿ ರಕ್ಷಣಾ ಮತ್ತು ವಿದೇಶಾಂಗ ಇಲಾಖೆಗಳ ಕಟ್ಟಡದಿಂದ ರಹಸ್ಯ ಮಾಹಿತಿ ಸಂಗ್ರಹಿಸಿದರು. ಇದಕ್ಕೆ ಸಾಕ್ಷಿಯಾಗಿ ಅವರು ಈ ಕಟ್ಟಡದಿಂದ ಹೊರಗೆ ಬರುತ್ತಿರುವ ದೃಶ್ಯ ಸಿಸಿಟಿವಿಯಲ್ಲಿ ರೆಕಾರ್ಡ್ ಕೂಡ ಆಗಿದೆ.

ಈ ಸಿಸಿಟಿವಿಯ ದೃಶ್ಯಗಳನ್ನು ಆಧಾರವಾಗಿಸಿಕೊಂಡು ಅಧಿಕಾರಿಗಳು ಶನಿವಾರ (ಅ.11)ದಂದು ಟೆಲ್ಲಿಸ್ ನಿವಾಸದ ಮೇಲೆ ದಾಳಿ ನಡೆಸಿ, ಶೋಧಕಾರ್ಯ ನಡೆಸಿದ್ದರು, ಈ ವೇಳೆ ಅನೇಕ ದಾಖಲೆಗಳು ಅಧಿಕಾರಿಗಳಿಗೆ ಸಿಕ್ಕಿದೆ.

ಅಮೆರಿಕ ಕೋರ್ಟ್‌ಗೆ ಸಲ್ಲಿಕೆ: ಇವು ಅಧಿಕಾರಿಗಳು ಅಮೆರಿಕ ಕೋರ್ಟ್‌ಗೆ ಸಲ್ಲಿಸಿದ ದಾಖಲೆಗಳಲ್ಲಿ ಉಲ್ಲೇಖವಾಗಿದೆ. ಪ್ರಕರಣದ ವಿಚಾರಣೆ ಮುಂದುವರಿದಿದ್ದು, ತಪ್ಪಿತಸ್ಥರ ವಿರುದ್ಧ ಕಠಿಣ ಕ್ರಮದ ಸಾಧ್ಯತೆ ಇದೆ ಎಂದು ವರದಿಯಾಗಿದೆ.
